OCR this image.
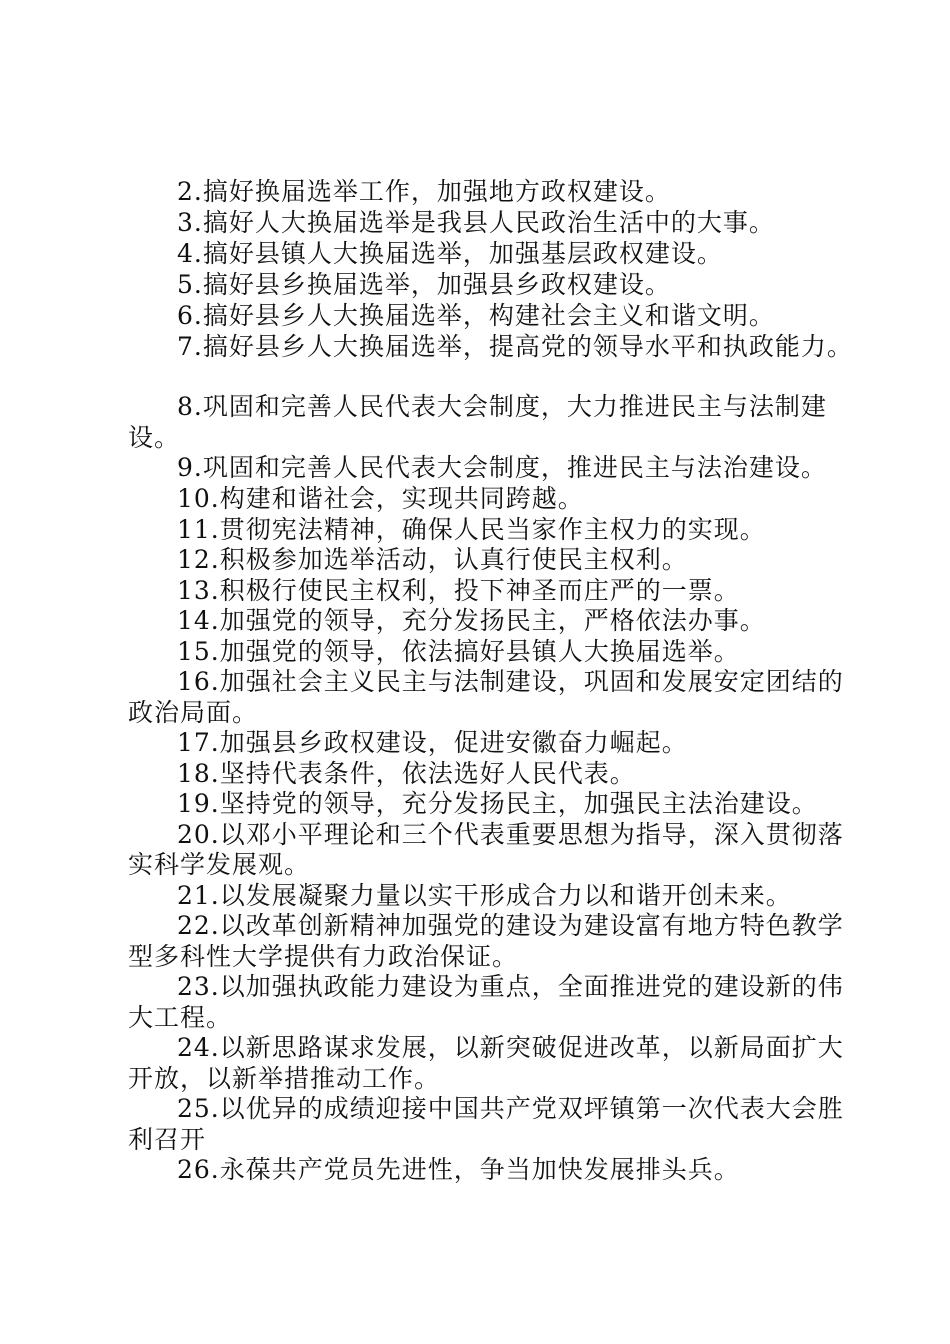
2.搞好换届选举工作，加强地方政权建设。
3.搞好人大换届选举是我县人民政治生活中的大事。
4.搞好县镇人大换届选举，加强基层政权建设。
5.搞好县乡换届选举，加强县乡政权建设。
6.搞好县乡人大换届选举，构建社会主义和谐文明。
7.搞好县乡人大换届选举，提高党的领导水平和执政能力。
8.巩固和完善人民代表大会制度，大力推进民主与法制建
设。
9.巩固和完善人民代表大会制度，推进民主与法治建设。
10.构建和谐社会，实现共同跨越。
11.贯彻宪法精神，确保人民当家作主权力的实现。
12.积极参加选举活动，认真行使民主权利。
13.积极行使民主权利，投下神圣而庄严的一票。
14.加强党的领导，充分发扬民主，严格依法办事。
15.加强党的领导，依法搞好县镇人大换届选举。
16.加强社会主义民主与法制建设，巩固和发展安定团结的
政治局面。
17.加强县乡政权建设，促进安徽奋力崛起。
18.坚持代表条件，依法选好人民代表。
19.坚持党的领导，充分发扬民主，加强民主法治建设。
20.以邓小平理论和三个代表重要思想为指导，深入贯彻落
实科学发展观。
21.以发展凝聚力量以实干形成合力以和谐开创未来。
22.以改革创新精神加强党的建设为建设富有地方特色教学
型多科性大学提供有力政治保证。
23.以加强执政能力建设为重点，全面推进党的建设新的伟
大工程。
24.以新思路谋求发展，以新突破促进改革，以新局面扩大
开放，以新举措推动工作。
25.以优异的成绩迎接中国共产党双坪镇第一次代表大会胜
利召开
26.永葆共产党员先进性，争当加快发展排头兵。
